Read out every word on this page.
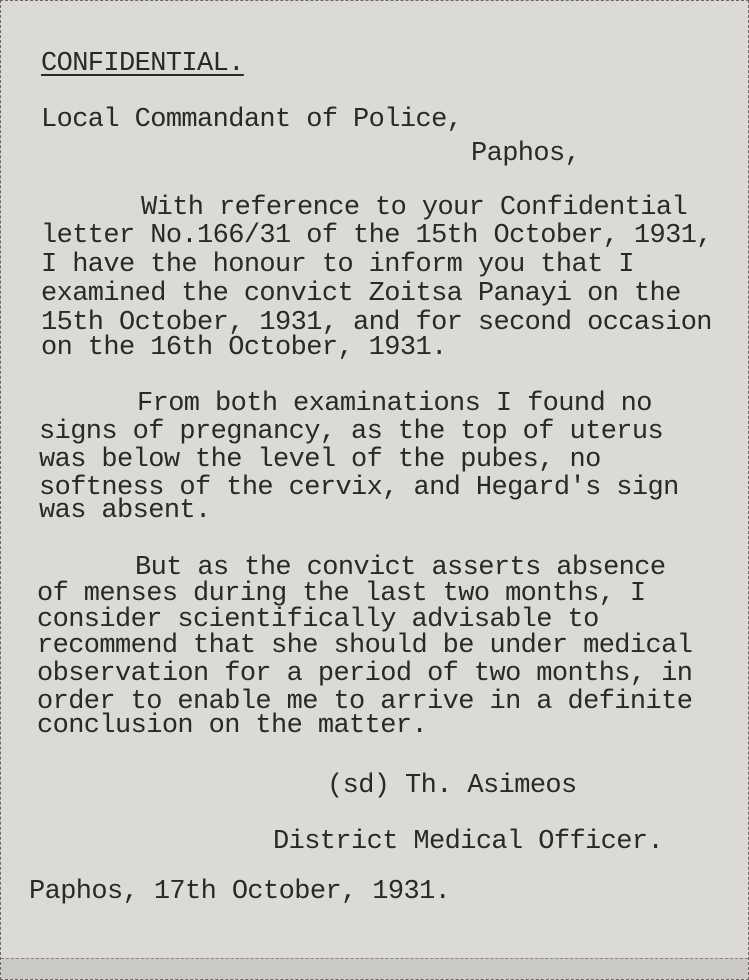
CONFIDENTIAL.
Local Commandant of Police,
Paphos,
With reference to your Confidential
letter No.166/31 of the 15th October, 1931,
I have the honour to inform you that I
examined the convict Zoitsa Panayi on the
15th October, 1931, and for second occasion
on the 16th October, 1931.
From both examinations I found no
signs of pregnancy, as the top of uterus
was below the level of the pubes, no
softness of the cervix, and Hegard's sign
was absent.
But as the convict asserts absence
of menses during the last two months, I
consider scientifically advisable to
recommend that she should be under medical
observation for a period of two months, in
order to enable me to arrive in a definite
conclusion on the matter.
(sd) Th. Asimeos
District Medical Officer.
Paphos, 17th October, 1931.
